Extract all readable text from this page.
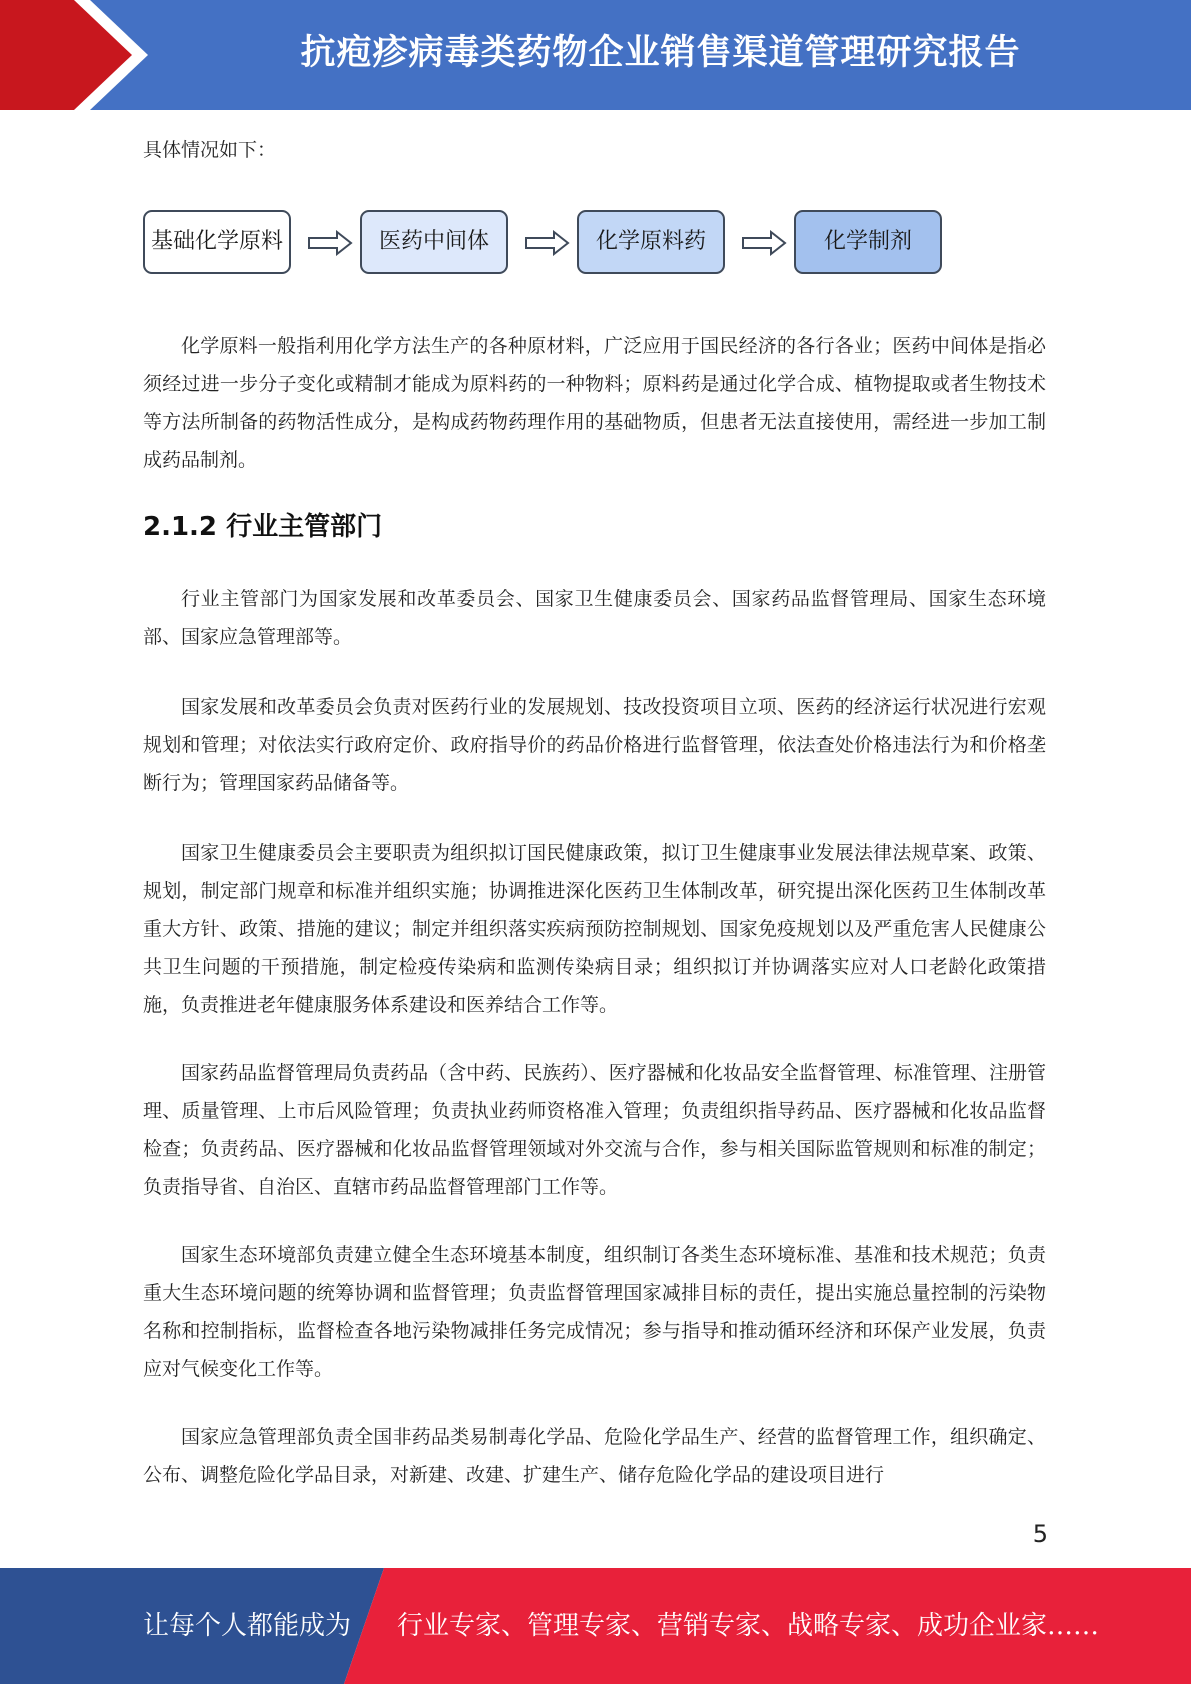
抗疱疹病毒类药物企业销售渠道管理研究报告
具体情况如下：
基础化学原料	医药中间体	化学原料药	化学制剂

化学原料一般指利用化学方法生产的各种原材料，广泛应用于国民经济的各行各业；医药中间体是指必须经过进一步分子变化或精制才能成为原料药的一种物料；原料药是通过化学合成、植物提取或者生物技术等方法所制备的药物活性成分，是构成药物药理作用的基础物质，但患者无法直接使用，需经进一步加工制成药品制剂。

2.1.2 行业主管部门

行业主管部门为国家发展和改革委员会、国家卫生健康委员会、国家药品监督管理局、国家生态环境部、国家应急管理部等。

国家发展和改革委员会负责对医药行业的发展规划、技改投资项目立项、医药的经济运行状况进行宏观规划和管理；对依法实行政府定价、政府指导价的药品价格进行监督管理，依法查处价格违法行为和价格垄断行为；管理国家药品储备等。

国家卫生健康委员会主要职责为组织拟订国民健康政策，拟订卫生健康事业发展法律法规草案、政策、规划，制定部门规章和标准并组织实施；协调推进深化医药卫生体制改革，研究提出深化医药卫生体制改革重大方针、政策、措施的建议；制定并组织落实疾病预防控制规划、国家免疫规划以及严重危害人民健康公共卫生问题的干预措施，制定检疫传染病和监测传染病目录；组织拟订并协调落实应对人口老龄化政策措施，负责推进老年健康服务体系建设和医养结合工作等。

国家药品监督管理局负责药品（含中药、民族药）、医疗器械和化妆品安全监督管理、标准管理、注册管理、质量管理、上市后风险管理；负责执业药师资格准入管理；负责组织指导药品、医疗器械和化妆品监督检查；负责药品、医疗器械和化妆品监督管理领域对外交流与合作，参与相关国际监管规则和标准的制定；负责指导省、自治区、直辖市药品监督管理部门工作等。

国家生态环境部负责建立健全生态环境基本制度，组织制订各类生态环境标准、基准和技术规范；负责重大生态环境问题的统筹协调和监督管理；负责监督管理国家减排目标的责任，提出实施总量控制的污染物名称和控制指标，监督检查各地污染物减排任务完成情况；参与指导和推动循环经济和环保产业发展，负责应对气候变化工作等。

国家应急管理部负责全国非药品类易制毒化学品、危险化学品生产、经营的监督管理工作，组织确定、公布、调整危险化学品目录，对新建、改建、扩建生产、储存危险化学品的建设项目进行

5
让每个人都能成为 行业专家、管理专家、营销专家、战略专家、成功企业家……
